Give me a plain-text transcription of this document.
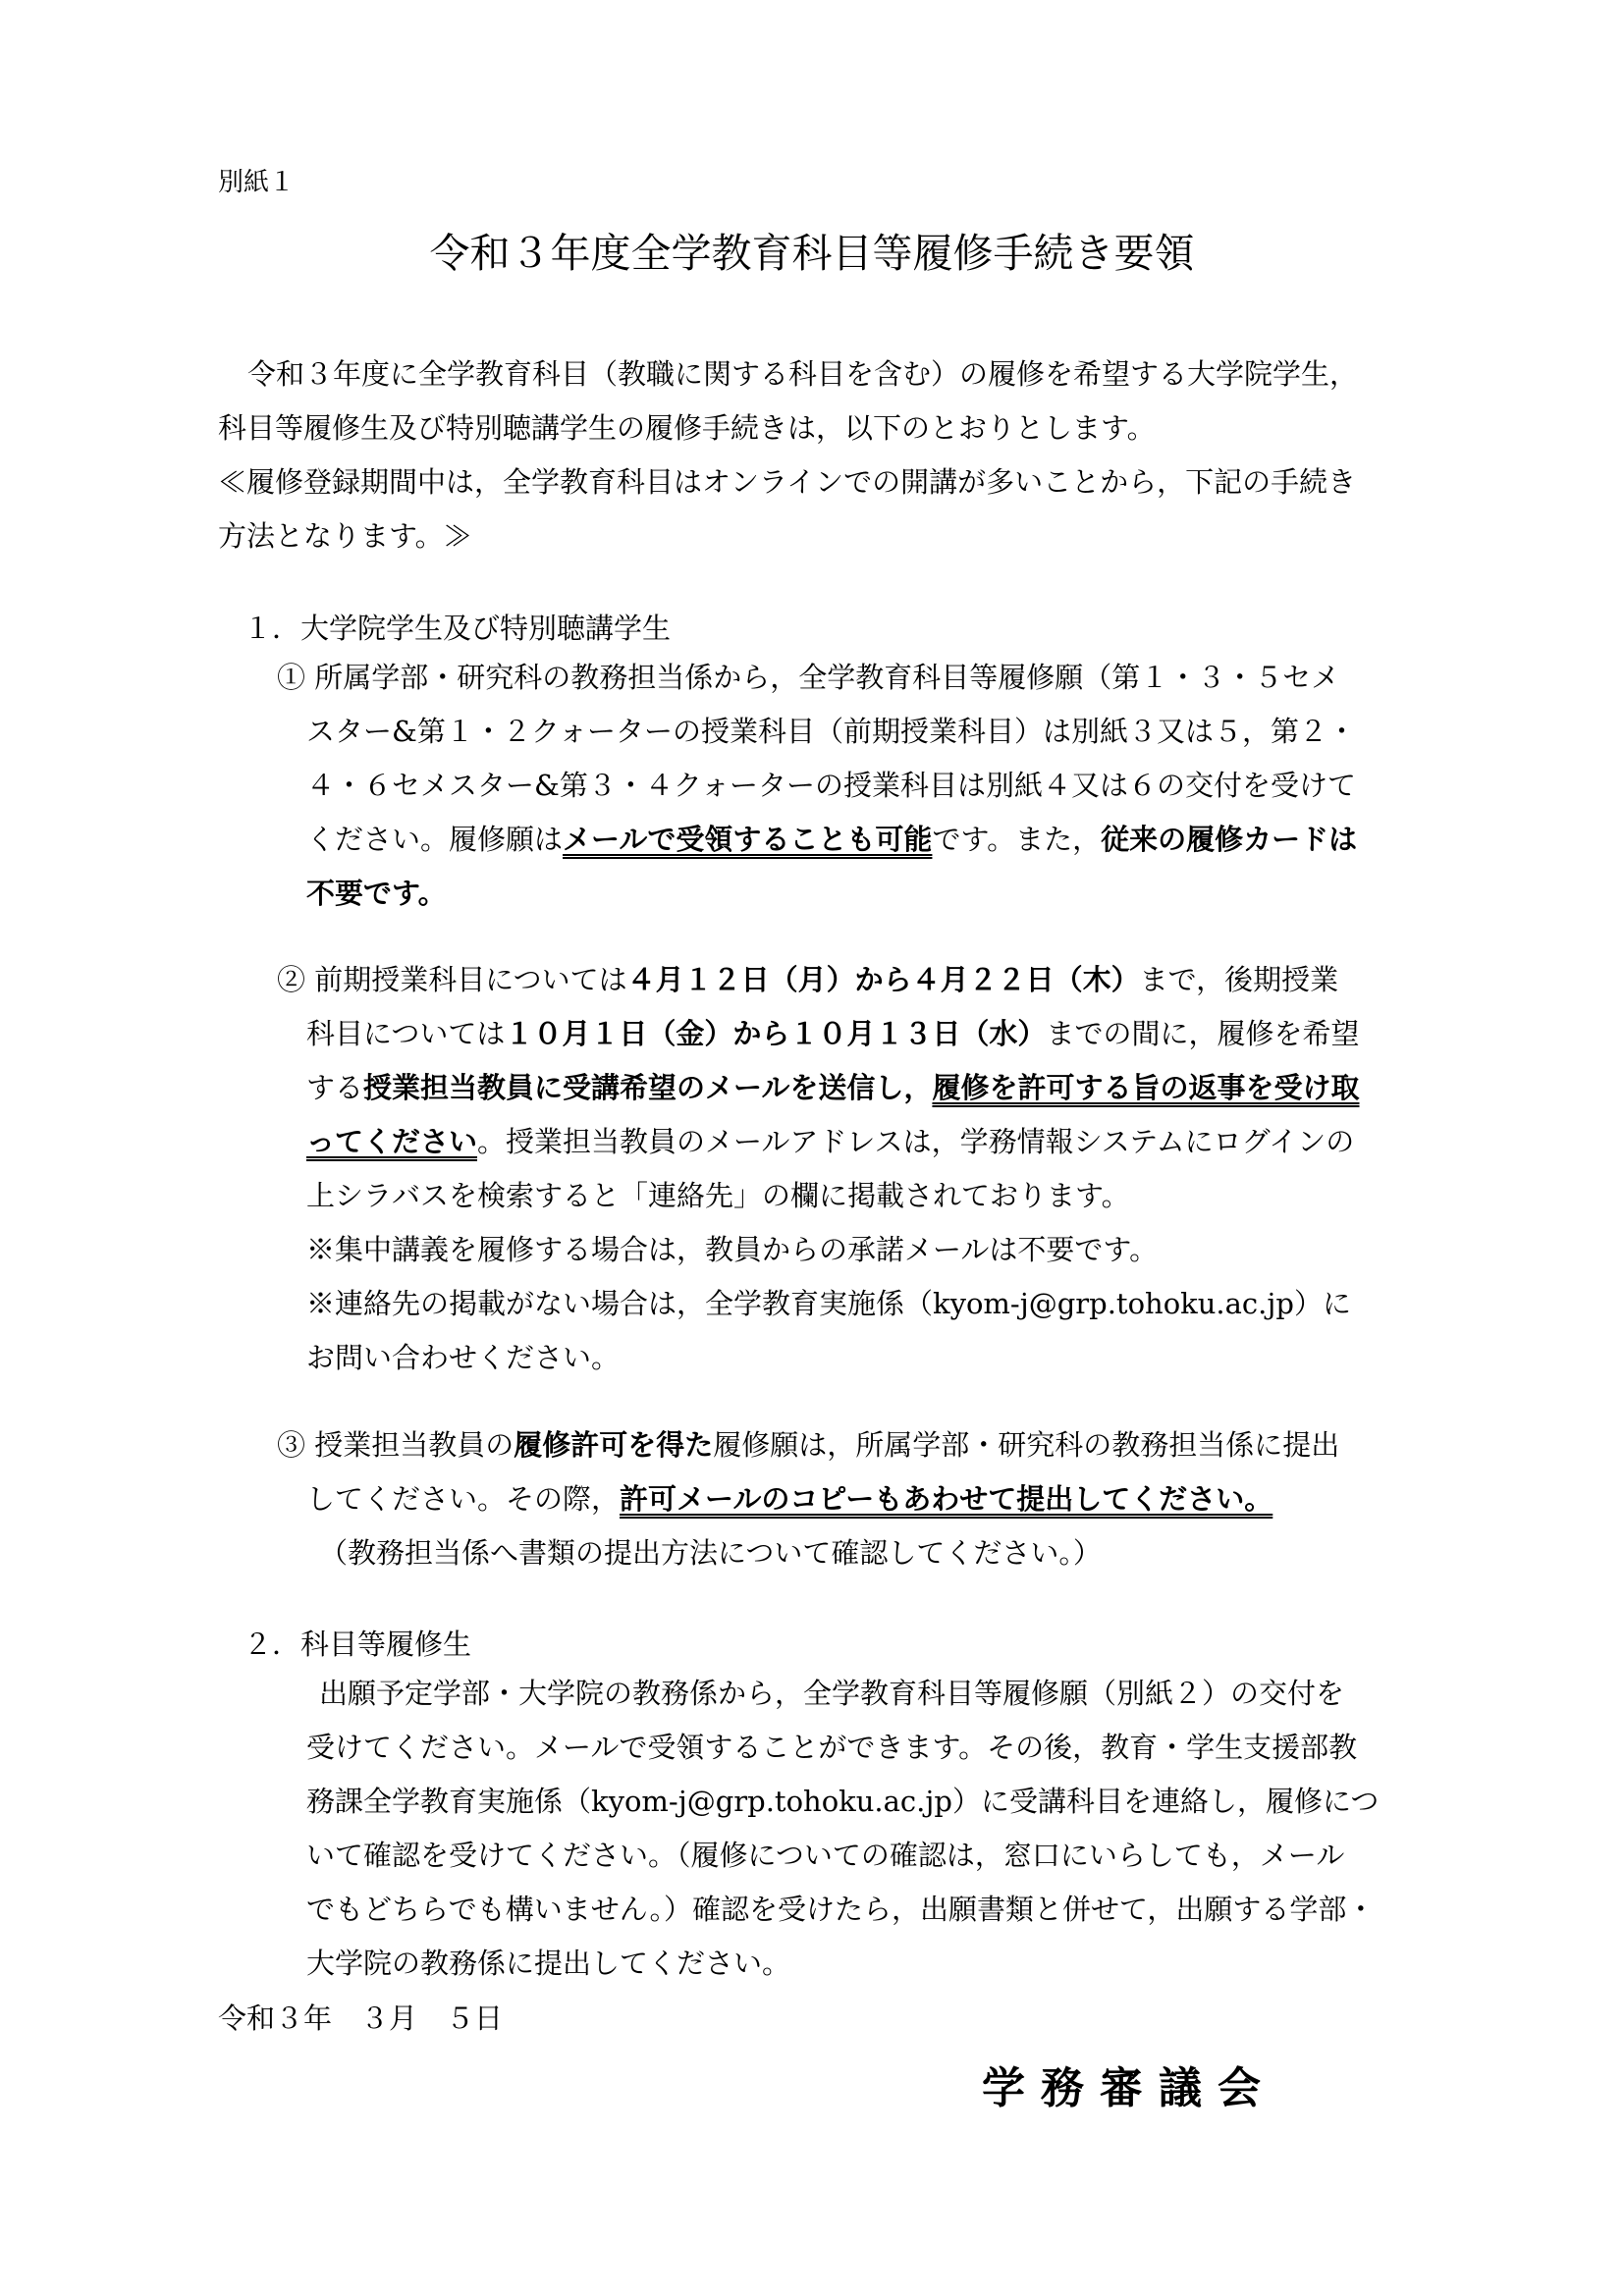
別紙１
令和３年度全学教育科目等履修手続き要領
令和３年度に全学教育科目（教職に関する科目を含む）の履修を希望する大学院学生，
科目等履修生及び特別聴講学生の履修手続きは，以下のとおりとします。
≪履修登録期間中は，全学教育科目はオンラインでの開講が多いことから，下記の手続き
方法となります。≫
１．大学院学生及び特別聴講学生
① 所属学部・研究科の教務担当係から，全学教育科目等履修願（第１・３・５セメ
スター&第１・２クォーターの授業科目（前期授業科目）は別紙３又は５，第２・
４・６セメスター&第３・４クォーターの授業科目は別紙４又は６の交付を受けて
ください。履修願はメールで受領することも可能です。また，従来の履修カードは
不要です。
② 前期授業科目については４月１２日（月）から４月２２日（木）まで，後期授業
科目については１０月１日（金）から１０月１３日（水）までの間に，履修を希望
する授業担当教員に受講希望のメールを送信し，履修を許可する旨の返事を受け取
ってください。授業担当教員のメールアドレスは，学務情報システムにログインの
上シラバスを検索すると「連絡先」の欄に掲載されております。
※集中講義を履修する場合は，教員からの承諾メールは不要です。
※連絡先の掲載がない場合は，全学教育実施係（kyom-j@grp.tohoku.ac.jp）に
お問い合わせください。
③ 授業担当教員の履修許可を得た履修願は，所属学部・研究科の教務担当係に提出
してください。その際，許可メールのコピーもあわせて提出してください。
（教務担当係へ書類の提出方法について確認してください。）
２．科目等履修生
出願予定学部・大学院の教務係から，全学教育科目等履修願（別紙２）の交付を
受けてください。メールで受領することができます。その後，教育・学生支援部教
務課全学教育実施係（kyom-j@grp.tohoku.ac.jp）に受講科目を連絡し，履修につ
いて確認を受けてください。（履修についての確認は，窓口にいらしても，メール
でもどちらでも構いません。）確認を受けたら，出願書類と併せて，出願する学部・
大学院の教務係に提出してください。
令和３年　３月　５日
学務審議会
